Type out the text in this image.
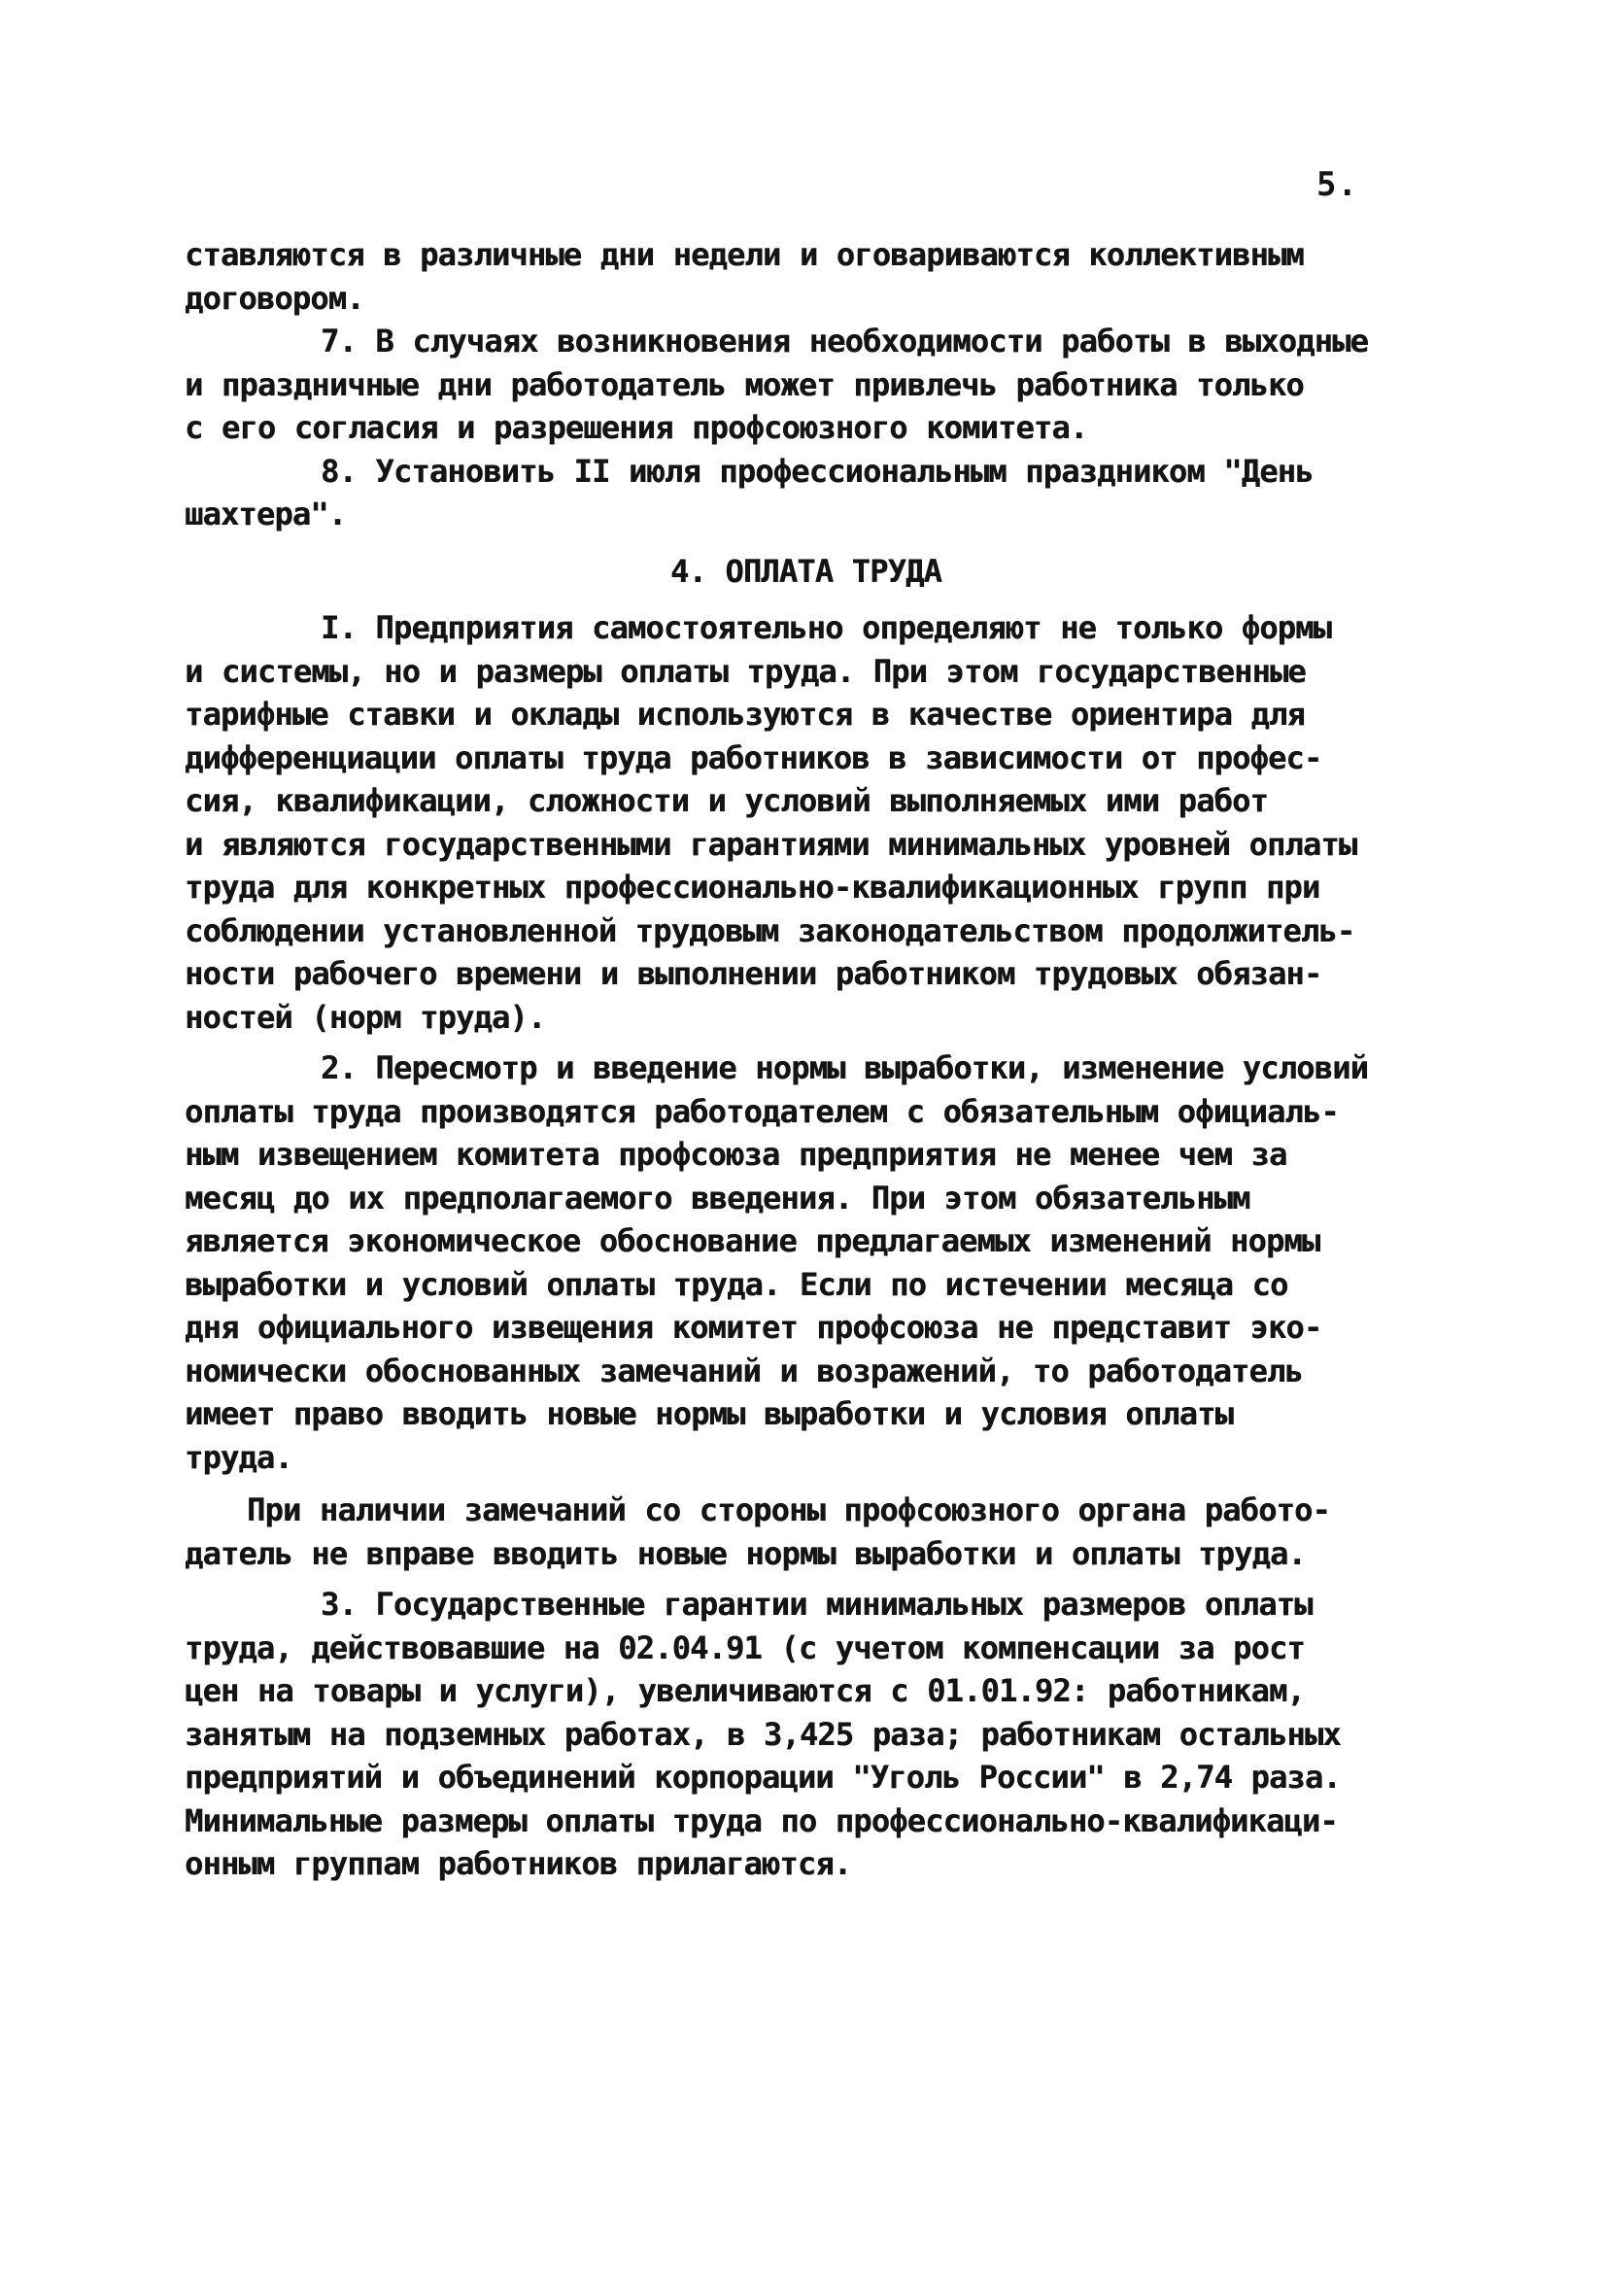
5.
ставляются в различные дни недели и оговариваются коллективным
договором.
7. В случаях возникновения необходимости работы в выходные
и праздничные дни работодатель может привлечь работника только
с его согласия и разрешения профсоюзного комитета.
8. Установить II июля профессиональным праздником "День
шахтера".
4. ОПЛАТА ТРУДА
I. Предприятия самостоятельно определяют не только формы
и системы, но и размеры оплаты труда. При этом государственные
тарифные ставки и оклады используются в качестве ориентира для
дифференциации оплаты труда работников в зависимости от профес-
сия, квалификации, сложности и условий выполняемых ими работ
и являются государственными гарантиями минимальных уровней оплаты
труда для конкретных профессионально-квалификационных групп при
соблюдении установленной трудовым законодательством продолжитель-
ности рабочего времени и выполнении работником трудовых обязан-
ностей (норм труда).
2. Пересмотр и введение нормы выработки, изменение условий
оплаты труда производятся работодателем с обязательным официаль-
ным извещением комитета профсоюза предприятия не менее чем за
месяц до их предполагаемого введения. При этом обязательным
является экономическое обоснование предлагаемых изменений нормы
выработки и условий оплаты труда. Если по истечении месяца со
дня официального извещения комитет профсоюза не представит эко-
номически обоснованных замечаний и возражений, то работодатель
имеет право вводить новые нормы выработки и условия оплаты
труда.
При наличии замечаний со стороны профсоюзного органа работо-
датель не вправе вводить новые нормы выработки и оплаты труда.
3. Государственные гарантии минимальных размеров оплаты
труда, действовавшие на 02.04.91 (с учетом компенсации за рост
цен на товары и услуги), увеличиваются с 01.01.92: работникам,
занятым на подземных работах, в 3,425 раза; работникам остальных
предприятий и объединений корпорации "Уголь России" в 2,74 раза.
Минимальные размеры оплаты труда по профессионально-квалификаци-
онным группам работников прилагаются.
